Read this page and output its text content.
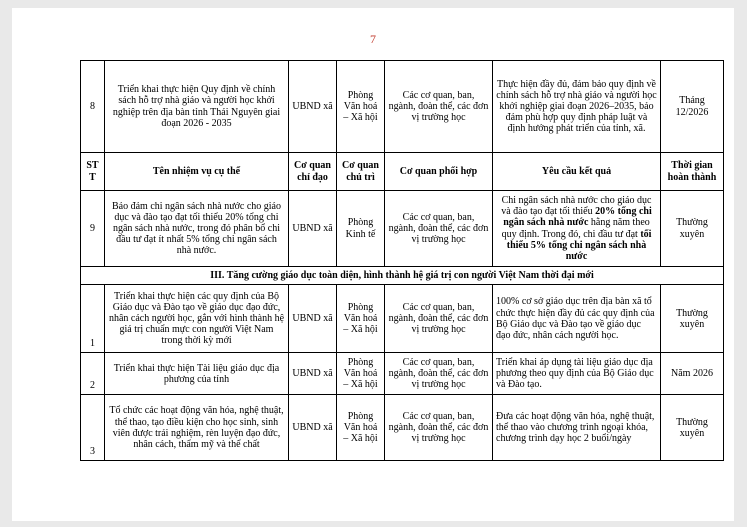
7
8	Triển khai thực hiện Quy định về chính sách hỗ trợ nhà giáo và người học khởi nghiệp trên địa bàn tỉnh Thái Nguyên giai đoạn 2026 - 2035	UBND xã	Phòng Văn hoá – Xã hội	Các cơ quan, ban, ngành, đoàn thể, các đơn vị trường học	Thực hiện đầy đủ, đảm bảo quy định về chính sách hỗ trợ nhà giáo và người học khởi nghiệp giai đoạn 2026–2035, bảo đảm phù hợp quy định pháp luật và định hướng phát triển của tỉnh, xã.	Tháng 12/2026
STT	Tên nhiệm vụ cụ thể	Cơ quan chỉ đạo	Cơ quan chủ trì	Cơ quan phối hợp	Yêu cầu kết quả	Thời gian hoàn thành
9	Bảo đảm chi ngân sách nhà nước cho giáo dục và đào tạo đạt tối thiểu 20% tổng chi ngân sách nhà nước, trong đó phân bổ chi đầu tư đạt ít nhất 5% tổng chi ngân sách nhà nước.	UBND xã	Phòng Kinh tế	Các cơ quan, ban, ngành, đoàn thể, các đơn vị trường học	Chi ngân sách nhà nước cho giáo dục và đào tạo đạt tối thiểu 20% tổng chi ngân sách nhà nước hằng năm theo quy định. Trong đó, chi đầu tư đạt tối thiểu 5% tổng chi ngân sách nhà nước	Thường xuyên
III. Tăng cường giáo dục toàn diện, hình thành hệ giá trị con người Việt Nam thời đại mới						
1	Triển khai thực hiện các quy định của Bộ Giáo dục và Đào tạo về giáo dục đạo đức, nhân cách người học, gắn với hình thành hệ giá trị chuẩn mực con người Việt Nam trong thời kỳ mới	UBND xã	Phòng Văn hoá – Xã hội	Các cơ quan, ban, ngành, đoàn thể, các đơn vị trường học	100% cơ sở giáo dục trên địa bàn xã tổ chức thực hiện đầy đủ các quy định của Bộ Giáo dục và Đào tạo về giáo dục đạo đức, nhân cách người học.	Thường xuyên
2	Triển khai thực hiện Tài liệu giáo dục địa phương của tỉnh	UBND xã	Phòng Văn hoá – Xã hội	Các cơ quan, ban, ngành, đoàn thể, các đơn vị trường học	Triển khai áp dụng tài liệu giáo dục địa phương theo quy định của Bộ Giáo dục và Đào tạo.	Năm 2026
3	Tổ chức các hoạt động văn hóa, nghệ thuật, thể thao, tạo điều kiện cho học sinh, sinh viên được trải nghiệm, rèn luyện đạo đức, nhân cách, thẩm mỹ và thể chất	UBND xã	Phòng Văn hoá – Xã hội	Các cơ quan, ban, ngành, đoàn thể, các đơn vị trường học	Đưa các hoạt động văn hóa, nghệ thuật, thể thao vào chương trình ngoại khóa, chương trình dạy học 2 buổi/ngày	Thường xuyên
